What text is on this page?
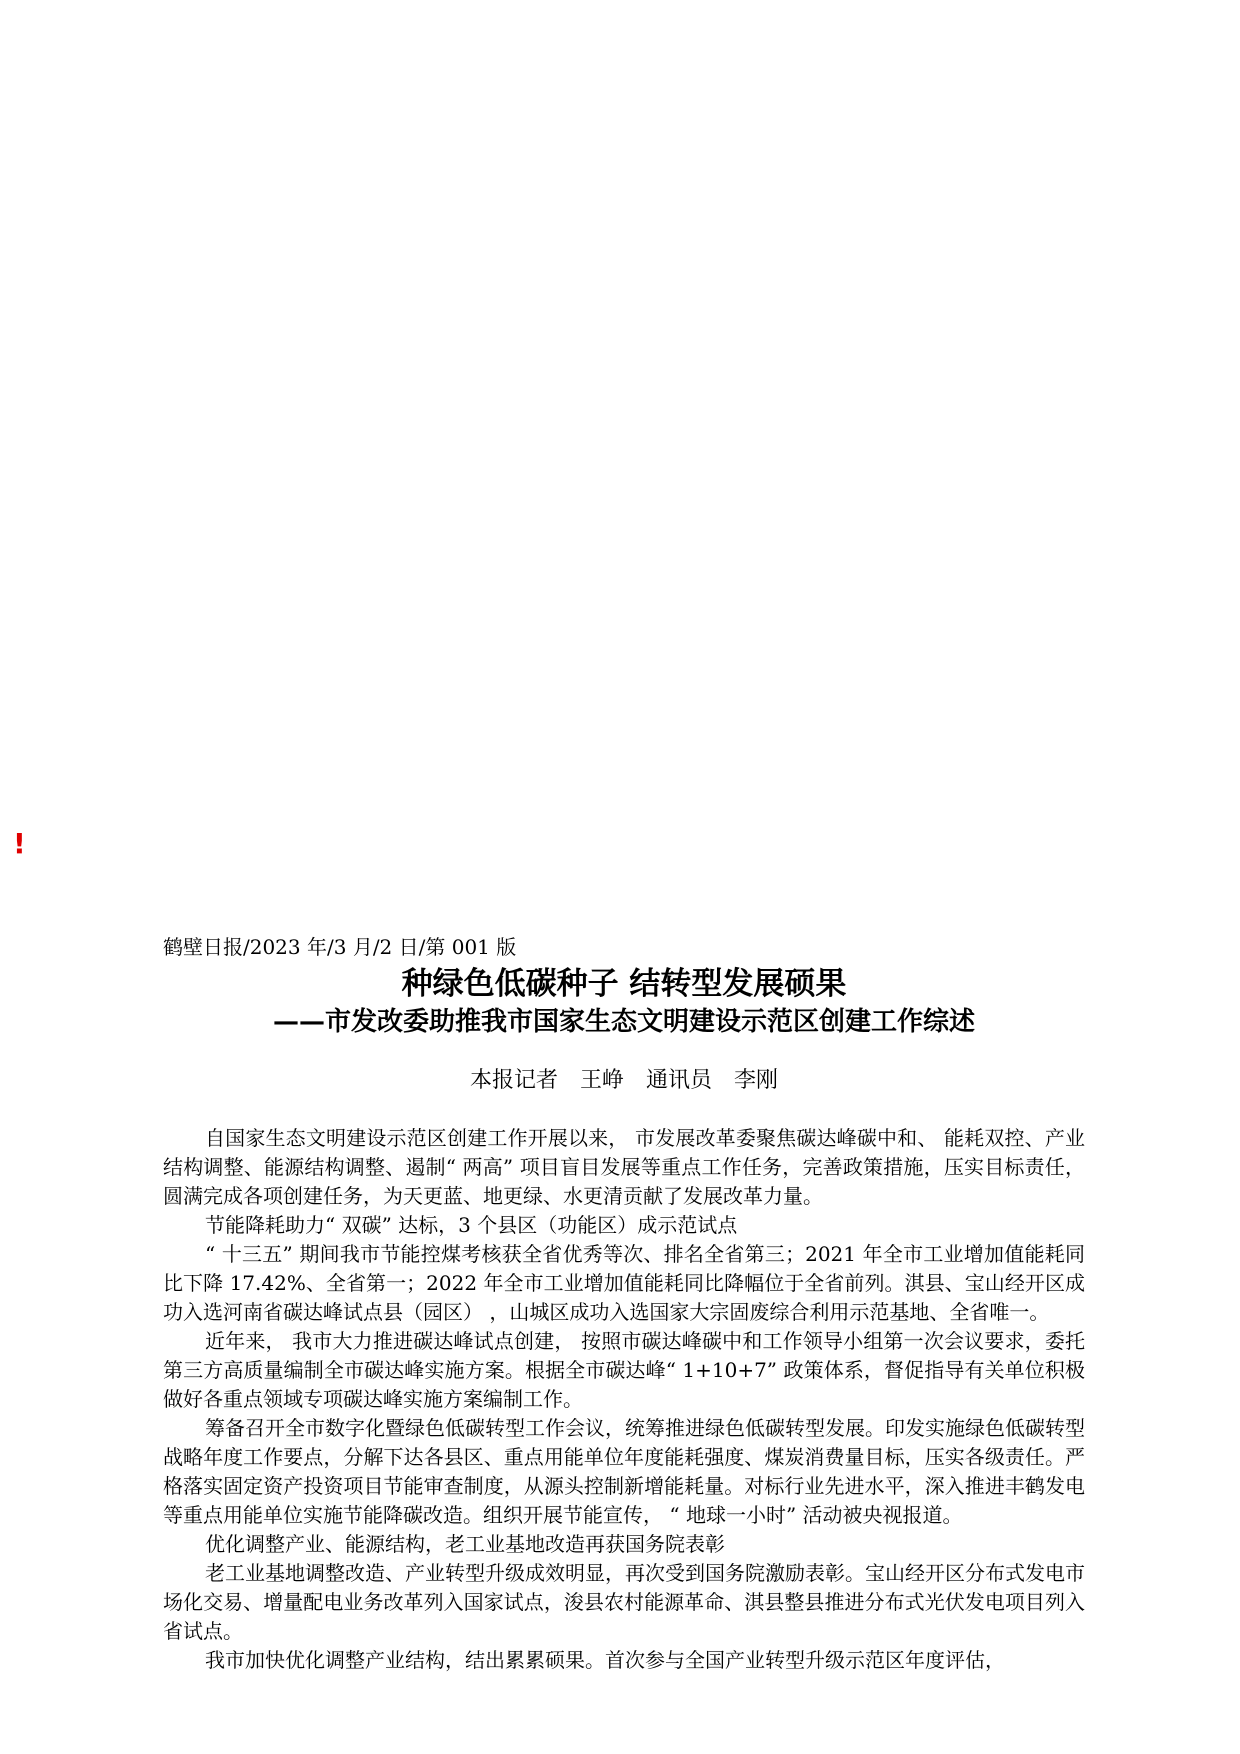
!
鹤壁日报/2023 年/3 月/2 日/第 001 版
种绿色低碳种子 结转型发展硕果
——市发改委助推我市国家生态文明建设示范区创建工作综述
本报记者 王峥 通讯员 李刚

自国家生态文明建设示范区创建工作开展以来， 市发展改革委聚焦碳达峰碳中和、 能耗双控、产业结构调整、能源结构调整、遏制“ 两高” 项目盲目发展等重点工作任务，完善政策措施，压实目标责任，圆满完成各项创建任务，为天更蓝、地更绿、水更清贡献了发展改革力量。

节能降耗助力“ 双碳” 达标，3 个县区（功能区）成示范试点

“ 十三五” 期间我市节能控煤考核获全省优秀等次、排名全省第三；2021 年全市工业增加值能耗同比下降 17.42%、全省第一；2022 年全市工业增加值能耗同比降幅位于全省前列。淇县、宝山经开区成功入选河南省碳达峰试点县（园区） ，山城区成功入选国家大宗固废综合利用示范基地、全省唯一。

近年来， 我市大力推进碳达峰试点创建， 按照市碳达峰碳中和工作领导小组第一次会议要求，委托第三方高质量编制全市碳达峰实施方案。根据全市碳达峰“ 1+10+7” 政策体系，督促指导有关单位积极做好各重点领域专项碳达峰实施方案编制工作。

筹备召开全市数字化暨绿色低碳转型工作会议，统筹推进绿色低碳转型发展。印发实施绿色低碳转型战略年度工作要点，分解下达各县区、重点用能单位年度能耗强度、煤炭消费量目标，压实各级责任。严格落实固定资产投资项目节能审查制度，从源头控制新增能耗量。对标行业先进水平，深入推进丰鹤发电等重点用能单位实施节能降碳改造。组织开展节能宣传， “ 地球一小时” 活动被央视报道。

优化调整产业、能源结构，老工业基地改造再获国务院表彰

老工业基地调整改造、产业转型升级成效明显，再次受到国务院激励表彰。宝山经开区分布式发电市场化交易、增量配电业务改革列入国家试点，浚县农村能源革命、淇县整县推进分布式光伏发电项目列入省试点。

我市加快优化调整产业结构，结出累累硕果。首次参与全国产业转型升级示范区年度评估，
